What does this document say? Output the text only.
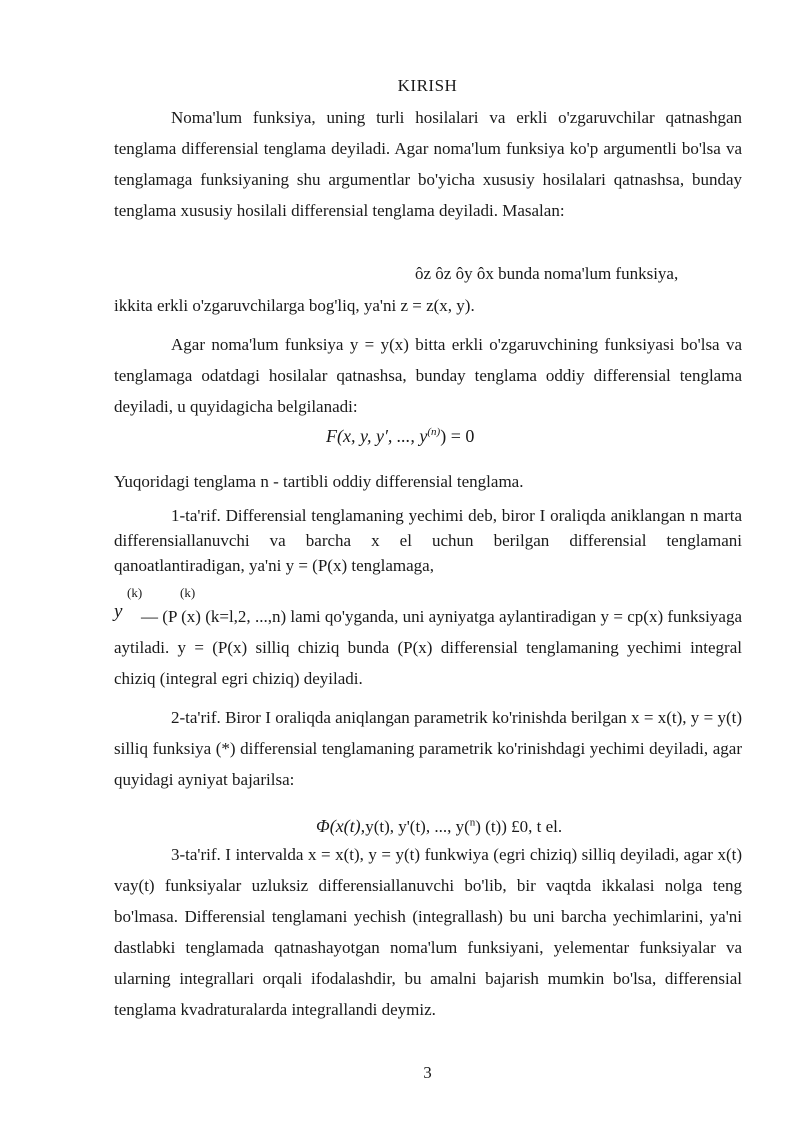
KIRISH

Noma'lum funksiya, uning turli hosilalari va erkli o'zgaruvchilar qatnashgan tenglama differensial tenglama deyiladi. Agar noma'lum funksiya ko'p argumentli bo'lsa va tenglamaga funksiyaning shu argumentlar bo'yicha xususiy hosilalari qatnashsa, bunday tenglama xususiy hosilali differensial tenglama deyiladi. Masalan:

ôz ôz ôy ôx bunda noma'lum funksiya,
ikkita erkli o'zgaruvchilarga bog'liq, ya'ni z = z(x, y).

Agar noma'lum funksiya y = y(x) bitta erkli o'zgaruvchining funksiyasi bo'lsa va tenglamaga odatdagi hosilalar qatnashsa, bunday tenglama oddiy differensial tenglama deyiladi, u quyidagicha belgilanadi:

F(x, y, y′, ..., $y^{(n)}) = 0$
Yuqoridagi tenglama n - tartibli oddiy differensial tenglama.

1-ta'rif. Differensial tenglamaning yechimi deb, biror I oraliqda aniklangan n marta differensiallanuvchi va barcha x el uchun berilgan differensial tenglamani qanoatlantiradigan, ya'ni y = (P(x) tenglamaga,

(k)	(k)
y	— (P (x) (k=l,2, ...,n) lami qo'yganda, uni ayniyatga aylantiradigan y = cp(x) funksiyaga aytiladi. y = (P(x) silliq chiziq bunda (P(x) differensial tenglamaning yechimi integral chiziq (integral egri chiziq) deyiladi.

2-ta'rif. Biror I oraliqda aniqlangan parametrik ko'rinishda berilgan x = x(t), y = y(t) silliq funksiya (*) differensial tenglamaning parametrik ko'rinishdagi yechimi deyiladi, agar quyidagi ayniyat bajarilsa:

Φ(x(t),y(t), y'(t), ..., y($^n$) (t)) £0, t el.

3-ta'rif. I intervalda x = x(t), y = y(t) funkwiya (egri chiziq) silliq deyiladi, agar x(t) vay(t) funksiyalar uzluksiz differensiallanuvchi bo'lib, bir vaqtda ikkalasi nolga teng bo'lmasa. Differensial tenglamani yechish (integrallash) bu uni barcha yechimlarini, ya'ni dastlabki tenglamada qatnashayotgan noma'lum funksiyani, yelementar funksiyalar va ularning integrallari orqali ifodalashdir, bu amalni bajarish mumkin bo'lsa, differensial tenglama kvadraturalarda integrallandi deymiz.

3
